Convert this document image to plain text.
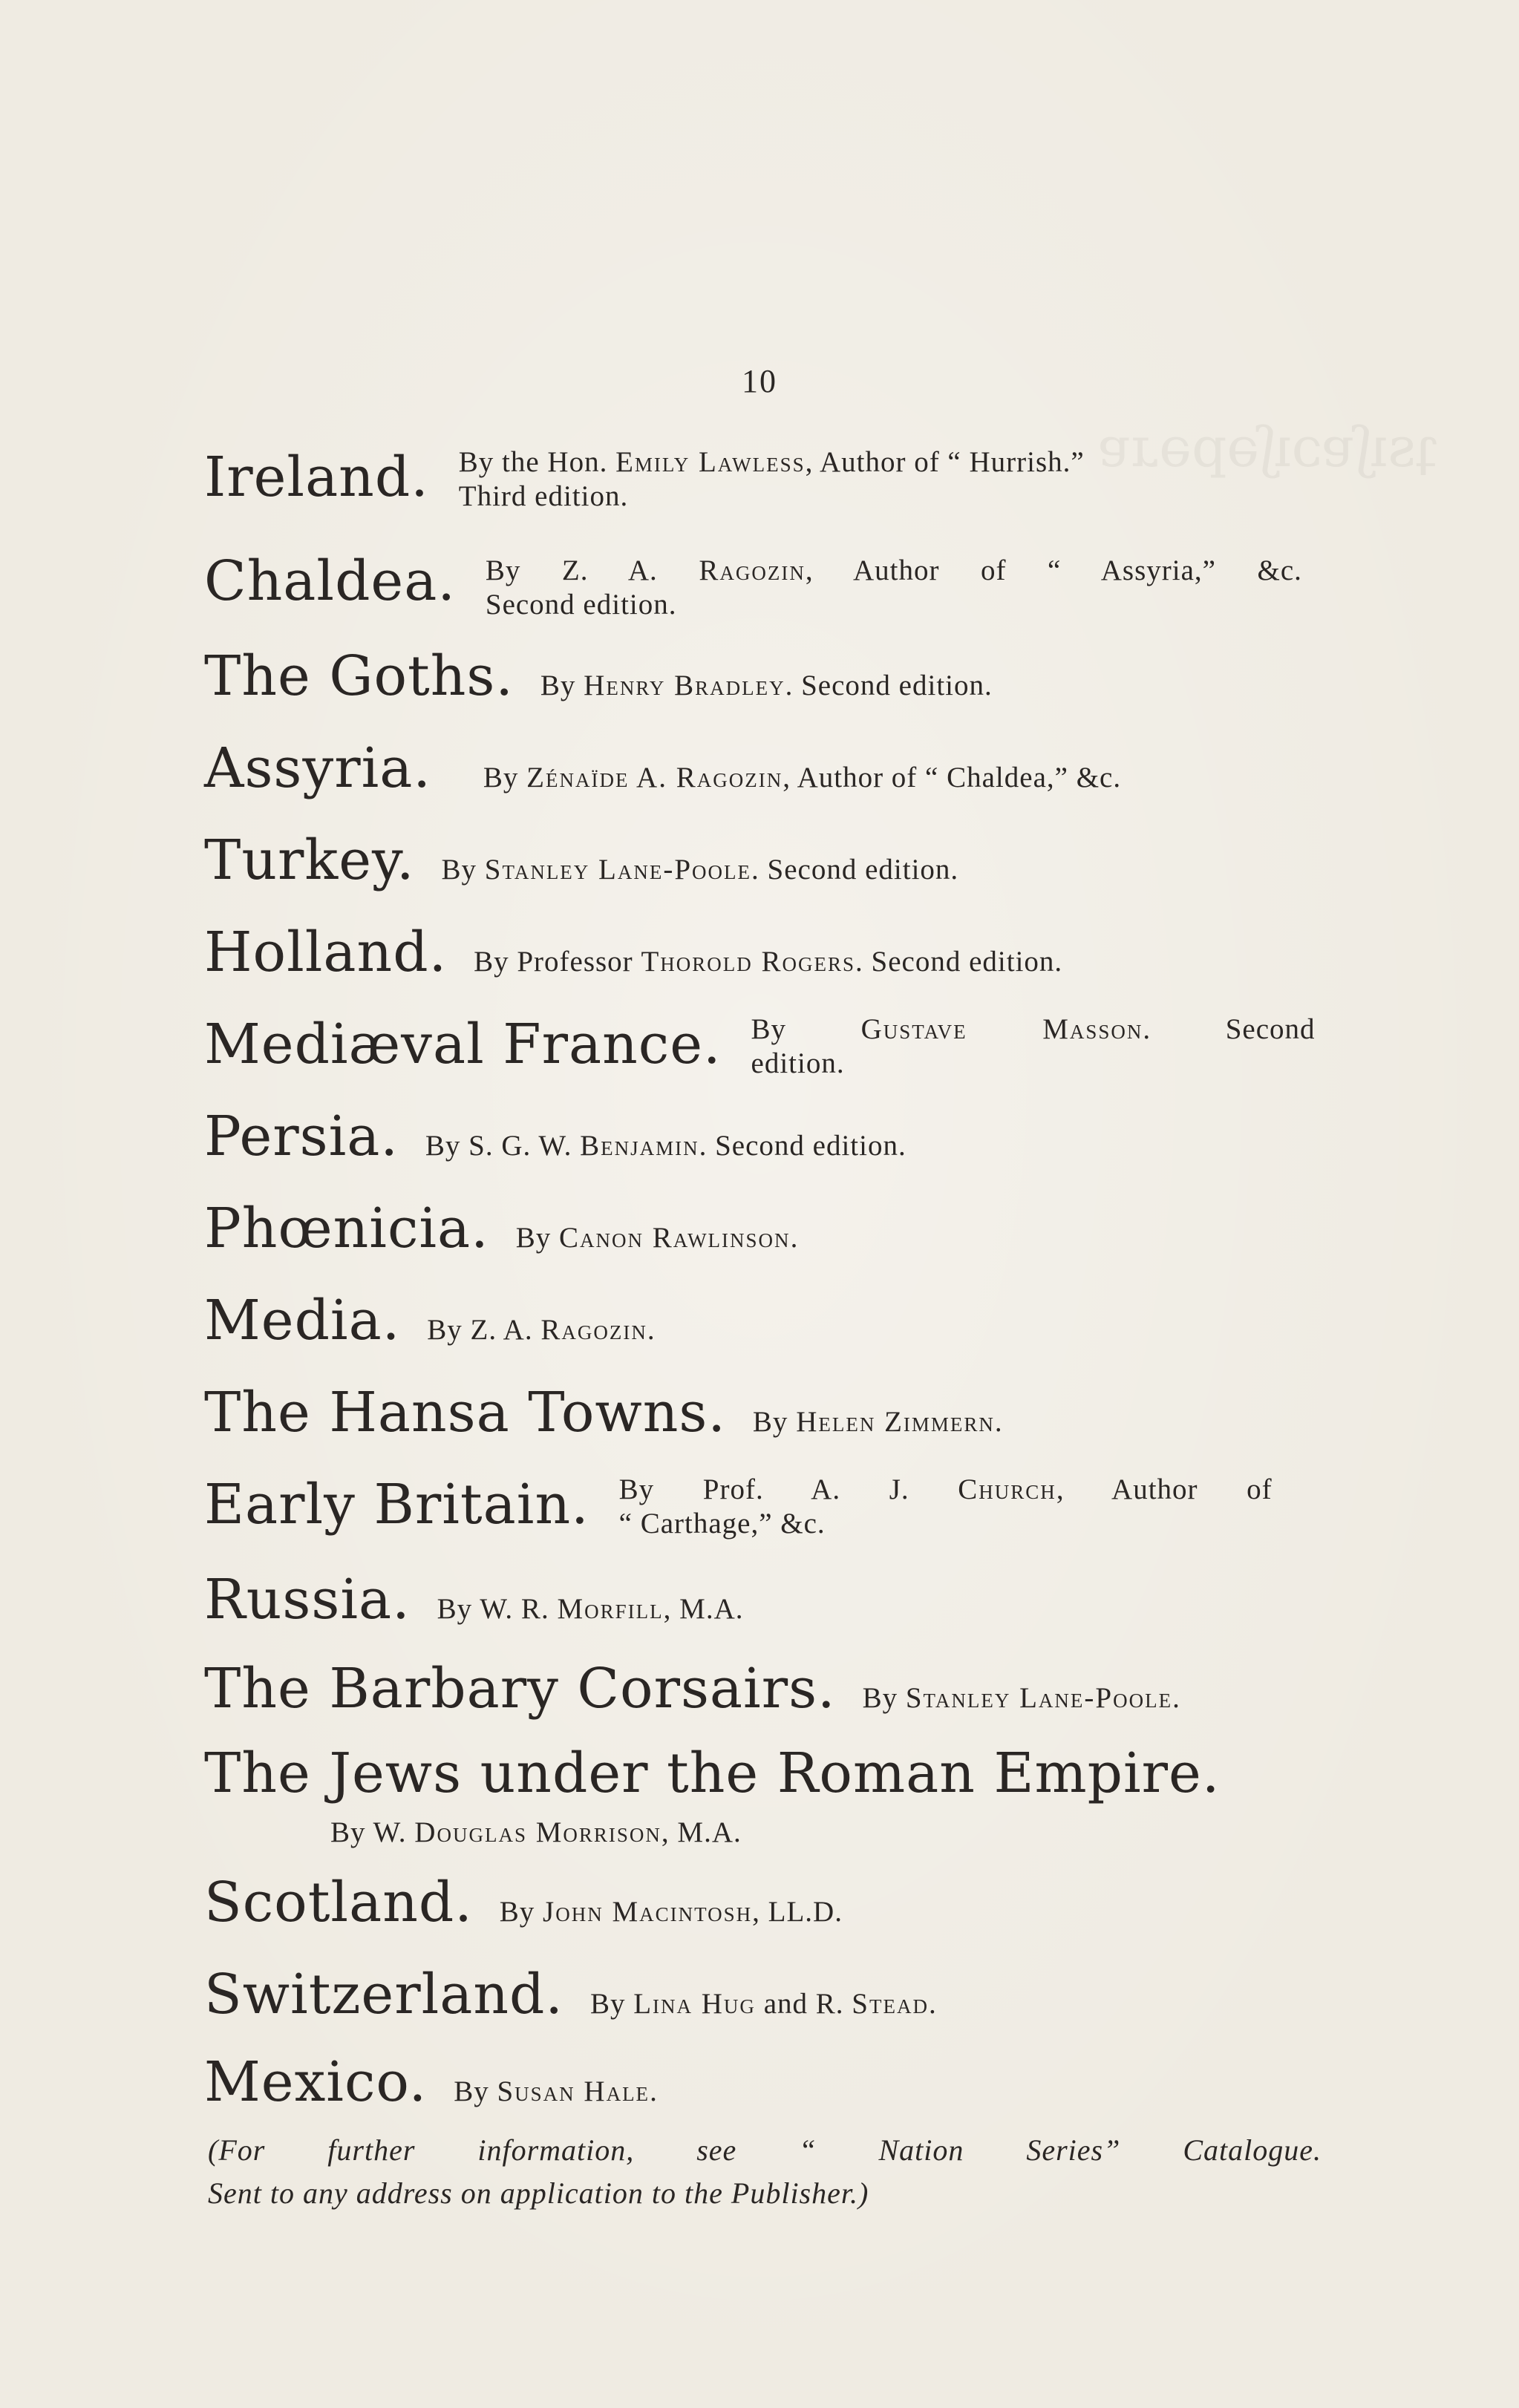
ʇsıʃɐɔıʃǝpǝɹɐ
10
Ireland. By the Hon. Emily Lawless, Author of “ Hurrish.”
Third edition.
Chaldea. By Z. A. Ragozin, Author of “ Assyria,” &c.
Second edition.
The Goths. By Henry Bradley. Second edition.
Assyria. By Zénaïde A. Ragozin, Author of “ Chaldea,” &c.
Turkey. By Stanley Lane-Poole. Second edition.
Holland. By Professor Thorold Rogers. Second edition.
Mediæval France. By	Gustave Masson. Second
edition.
Persia. By S. G. W. Benjamin. Second edition.
Phœnicia. By Canon Rawlinson.
Media. By Z. A. Ragozin.
The Hansa Towns. By Helen Zimmern.
Early Britain. By Prof. A. J. Church, Author of
“ Carthage,” &c.
Russia. By W. R. Morfill, M.A.
The Barbary Corsairs. By Stanley Lane-Poole.
The Jews under the Roman Empire.
By W. Douglas Morrison, M.A.
Scotland. By John Macintosh, LL.D.
Switzerland. By Lina Hug and R. Stead.
Mexico. By Susan Hale.
(For further information, see “ Nation Series” Catalogue.
Sent to any address on application to the Publisher.)
